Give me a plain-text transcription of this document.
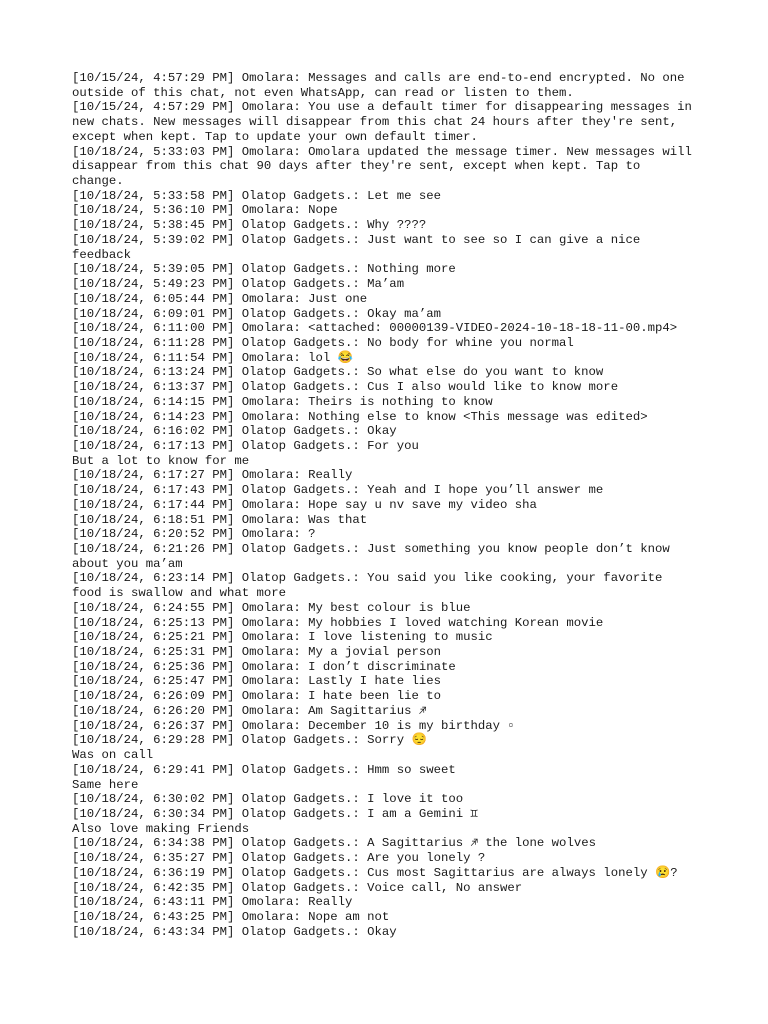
[10/15/24, 4:57:29 PM] Omolara: Messages and calls are end-to-end encrypted. No one outside of this chat, not even WhatsApp, can read or listen to them.
[10/15/24, 4:57:29 PM] Omolara: You use a default timer for disappearing messages in new chats. New messages will disappear from this chat 24 hours after they're sent, except when kept. Tap to update your own default timer.
[10/18/24, 5:33:03 PM] Omolara: Omolara updated the message timer. New messages will disappear from this chat 90 days after they're sent, except when kept. Tap to change.
[10/18/24, 5:33:58 PM] Olatop Gadgets.: Let me see
[10/18/24, 5:36:10 PM] Omolara: Nope
[10/18/24, 5:38:45 PM] Olatop Gadgets.: Why ????
[10/18/24, 5:39:02 PM] Olatop Gadgets.: Just want to see so I can give a nice feedback
[10/18/24, 5:39:05 PM] Olatop Gadgets.: Nothing more
[10/18/24, 5:49:23 PM] Olatop Gadgets.: Ma’am
[10/18/24, 6:05:44 PM] Omolara: Just one
[10/18/24, 6:09:01 PM] Olatop Gadgets.: Okay ma’am
[10/18/24, 6:11:00 PM] Omolara: <attached: 00000139-VIDEO-2024-10-18-18-11-00.mp4>
[10/18/24, 6:11:28 PM] Olatop Gadgets.: No body for whine you normal
[10/18/24, 6:11:54 PM] Omolara: lol 😂
[10/18/24, 6:13:24 PM] Olatop Gadgets.: So what else do you want to know
[10/18/24, 6:13:37 PM] Olatop Gadgets.: Cus I also would like to know more
[10/18/24, 6:14:15 PM] Omolara: Theirs is nothing to know
[10/18/24, 6:14:23 PM] Omolara: Nothing else to know <This message was edited>
[10/18/24, 6:16:02 PM] Olatop Gadgets.: Okay
[10/18/24, 6:17:13 PM] Olatop Gadgets.: For you
But a lot to know for me
[10/18/24, 6:17:27 PM] Omolara: Really
[10/18/24, 6:17:43 PM] Olatop Gadgets.: Yeah and I hope you’ll answer me
[10/18/24, 6:17:44 PM] Omolara: Hope say u nv save my video sha
[10/18/24, 6:18:51 PM] Omolara: Was that
[10/18/24, 6:20:52 PM] Omolara: ?
[10/18/24, 6:21:26 PM] Olatop Gadgets.: Just something you know people don’t know about you ma’am
[10/18/24, 6:23:14 PM] Olatop Gadgets.: You said you like cooking, your favorite food is swallow and what more
[10/18/24, 6:24:55 PM] Omolara: My best colour is blue
[10/18/24, 6:25:13 PM] Omolara: My hobbies I loved watching Korean movie
[10/18/24, 6:25:21 PM] Omolara: I love listening to music
[10/18/24, 6:25:31 PM] Omolara: My a jovial person
[10/18/24, 6:25:36 PM] Omolara: I don’t discriminate
[10/18/24, 6:25:47 PM] Omolara: Lastly I hate lies
[10/18/24, 6:26:09 PM] Omolara: I hate been lie to
[10/18/24, 6:26:20 PM] Omolara: Am Sagittarius ♐
[10/18/24, 6:26:37 PM] Omolara: December 10 is my birthday ▫
[10/18/24, 6:29:28 PM] Olatop Gadgets.: Sorry 😔
Was on call
[10/18/24, 6:29:41 PM] Olatop Gadgets.: Hmm so sweet
Same here
[10/18/24, 6:30:02 PM] Olatop Gadgets.: I love it too
[10/18/24, 6:30:34 PM] Olatop Gadgets.: I am a Gemini ♊
Also love making Friends
[10/18/24, 6:34:38 PM] Olatop Gadgets.: A Sagittarius ♐ the lone wolves
[10/18/24, 6:35:27 PM] Olatop Gadgets.: Are you lonely ?
[10/18/24, 6:36:19 PM] Olatop Gadgets.: Cus most Sagittarius are always lonely 😢?
[10/18/24, 6:42:35 PM] Olatop Gadgets.: Voice call, No answer
[10/18/24, 6:43:11 PM] Omolara: Really
[10/18/24, 6:43:25 PM] Omolara: Nope am not
[10/18/24, 6:43:34 PM] Olatop Gadgets.: Okay
